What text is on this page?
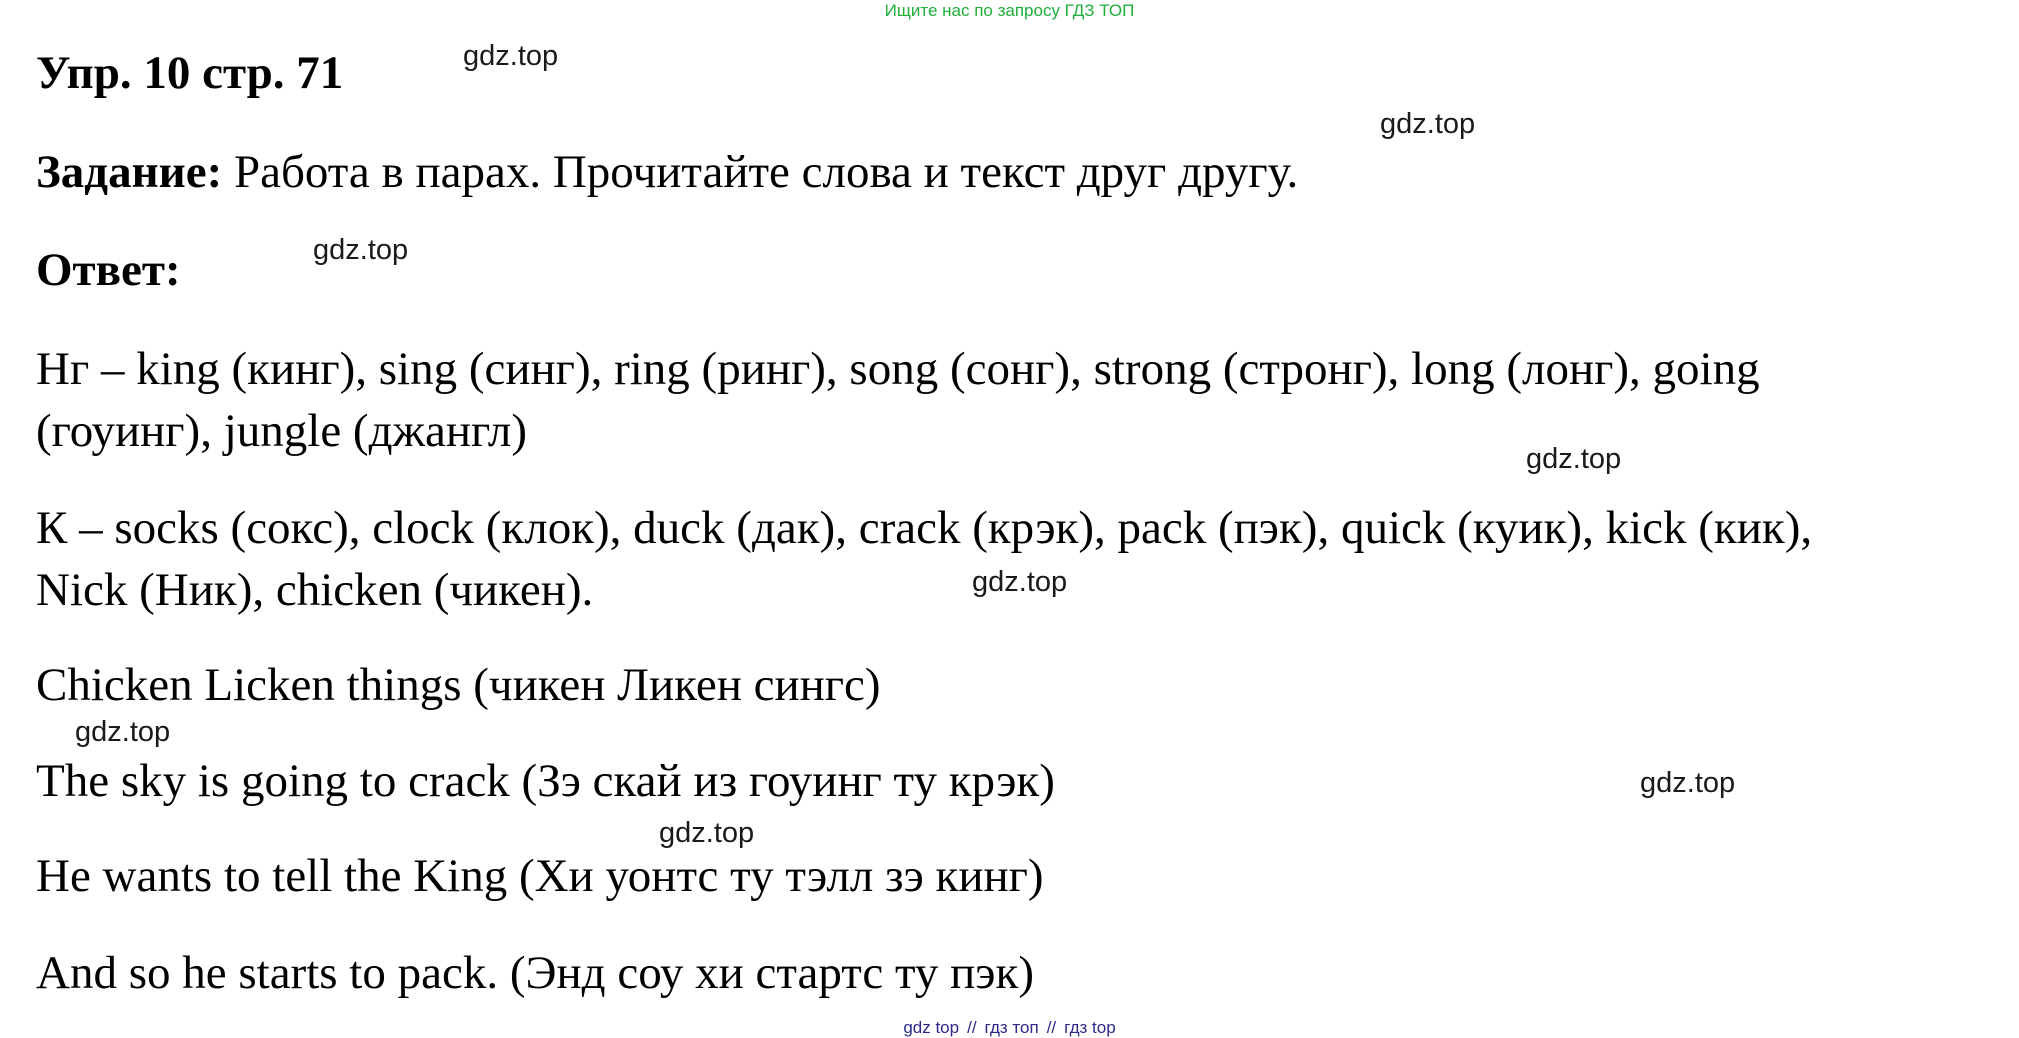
Ищите нас по запросу ГДЗ ТОП
Упр. 10 стр. 71
Задание: Работа в парах. Прочитайте слова и текст друг другу.
Ответ:
Нг – king (кинг), sing (синг), ring (ринг), song (сонг), strong (стронг), long (лонг), going
(гоуинг), jungle (джангл)
К – socks (сокс), clock (клок), duck (дак), crack (крэк), pack (пэк), quick (куик), kick (кик),
Nick (Ник), chicken (чикен).
Chicken Licken things (чикен Ликен сингс)
The sky is going to crack (Зэ скай из гоуинг ту крэк)
He wants to tell the King (Хи уонтс ту тэлл зэ кинг)
And so he starts to pack. (Энд соу хи стартс ту пэк)
gdz.top
gdz.top
gdz.top
gdz.top
gdz.top
gdz.top
gdz.top
gdz.top
gdz top // гдз топ // гдз top
